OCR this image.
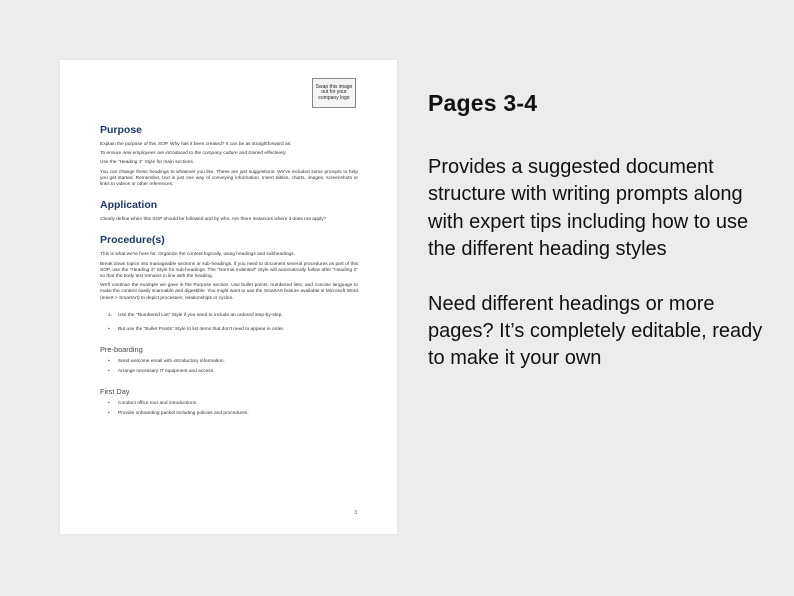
Swap this image out for your company logo
Purpose
Explain the purpose of this SOP. Why has it been created? It can be as straightforward as:
To ensure new employees are introduced to the company culture and trained effectively.
Use the "Heading 1" Style for main sections.
You can change these headings to whatever you like. These are just suggestions. We've included some prompts to help you get started. Remember, text is just one way of conveying information. Insert tables, charts, images, screenshots or links to videos or other references.
Application
Clearly define when this SOP should be followed and by who. Are there instances where it does not apply?
Procedure(s)
This is what we're here for. Organize the content logically, using headings and subheadings.
Break down topics into manageable sections or sub-headings. If you need to document several procedures as part of this SOP, use the "Heading 2" Style for sub-headings. The "Normal Indented" Style will automatically follow after "Heading 2" so that the body text remains in line with the heading.
We'll continue the example we gave in the Purpose section. Use bullet points, numbered lists, and concise language to make the content easily scannable and digestible. You might want to use the SmartArt feature available in Microsoft Word (Insert > SmartArt) to depict processes, relationships or cycles.
1.	Use the "Numbered List" Style if you need to include an ordered step-by-step.
•	But use the "Bullet Points" Style to list items that don't need to appear in order.
Pre-boarding
•	Send welcome email with introductory information.
•	Arrange necessary IT equipment and access.
First Day
•	Conduct office tour and introductions.
•	Provide onboarding packet including policies and procedures.
3
Pages 3-4
Provides a suggested document structure with writing prompts along with expert tips including how to use the different heading styles
Need different headings or more pages? It’s completely editable, ready to make it your own
